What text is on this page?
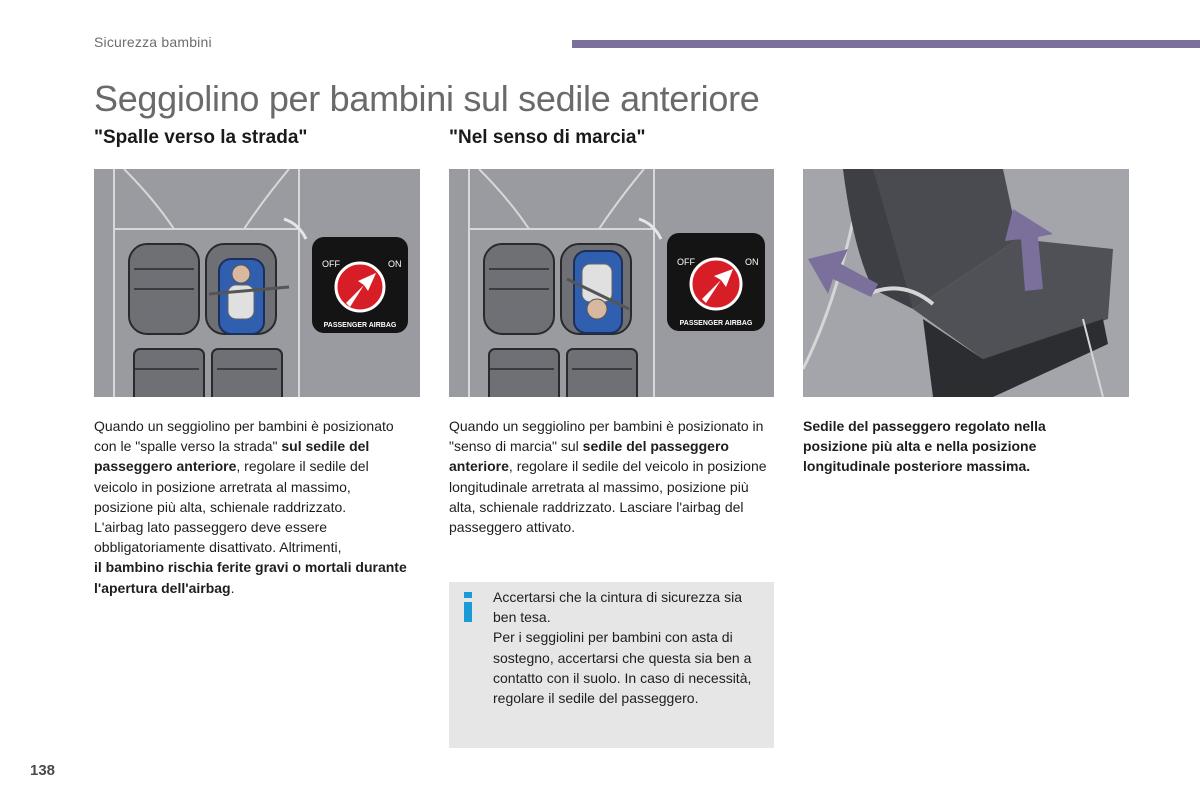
Sicurezza bambini
Seggiolino per bambini sul sedile anteriore
"Spalle verso la strada"	"Nel senso di marcia"
OFF	ON
PASSENGER AIRBAG
OFF	ON
PASSENGER AIRBAG
Quando un seggiolino per bambini è posizionato con le "spalle verso la strada" sul sedile del passeggero anteriore, regolare il sedile del veicolo in posizione arretrata al massimo, posizione più alta, schienale raddrizzato.
L'airbag lato passeggero deve essere obbligatoriamente disattivato. Altrimenti,
il bambino rischia ferite gravi o mortali durante l'apertura dell'airbag.
Quando un seggiolino per bambini è posizionato in "senso di marcia" sul sedile del passeggero anteriore, regolare il sedile del veicolo in posizione longitudinale arretrata al massimo, posizione più alta, schienale raddrizzato. Lasciare l'airbag del passeggero attivato.
Sedile del passeggero regolato nella posizione più alta e nella posizione longitudinale posteriore massima.
Accertarsi che la cintura di sicurezza sia ben tesa.
Per i seggiolini per bambini con asta di sostegno, accertarsi che questa sia ben a contatto con il suolo. In caso di necessità, regolare il sedile del passeggero.
138
